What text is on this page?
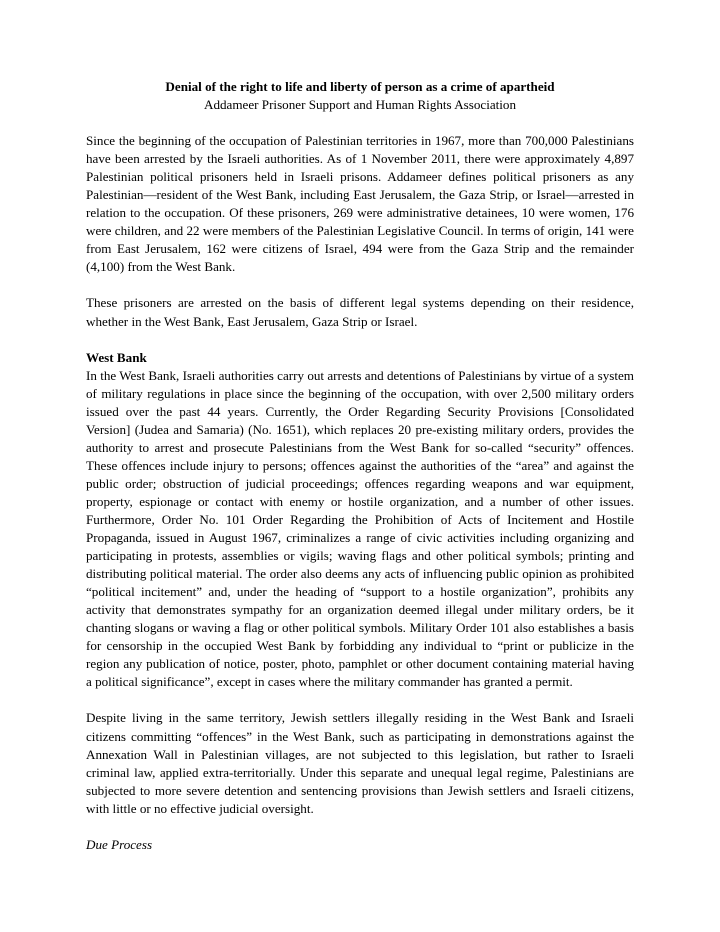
Denial of the right to life and liberty of person as a crime of apartheid

Addameer Prisoner Support and Human Rights Association

Since the beginning of the occupation of Palestinian territories in 1967, more than 700,000 Palestinians have been arrested by the Israeli authorities. As of 1 November 2011, there were approximately 4,897 Palestinian political prisoners held in Israeli prisons. Addameer defines political prisoners as any Palestinian—resident of the West Bank, including East Jerusalem, the Gaza Strip, or Israel—arrested in relation to the occupation. Of these prisoners, 269 were administrative detainees, 10 were women, 176 were children, and 22 were members of the Palestinian Legislative Council. In terms of origin, 141 were from East Jerusalem, 162 were citizens of Israel, 494 were from the Gaza Strip and the remainder (4,100) from the West Bank.

These prisoners are arrested on the basis of different legal systems depending on their residence, whether in the West Bank, East Jerusalem, Gaza Strip or Israel.

West Bank

In the West Bank, Israeli authorities carry out arrests and detentions of Palestinians by virtue of a system of military regulations in place since the beginning of the occupation, with over 2,500 military orders issued over the past 44 years. Currently, the Order Regarding Security Provisions [Consolidated Version] (Judea and Samaria) (No. 1651), which replaces 20 pre-existing military orders, provides the authority to arrest and prosecute Palestinians from the West Bank for so-called “security” offences. These offences include injury to persons; offences against the authorities of the “area” and against the public order; obstruction of judicial proceedings; offences regarding weapons and war equipment, property, espionage or contact with enemy or hostile organization, and a number of other issues. Furthermore, Order No. 101 Order Regarding the Prohibition of Acts of Incitement and Hostile Propaganda, issued in August 1967, criminalizes a range of civic activities including organizing and participating in protests, assemblies or vigils; waving flags and other political symbols; printing and distributing political material. The order also deems any acts of influencing public opinion as prohibited “political incitement” and, under the heading of “support to a hostile organization”, prohibits any activity that demonstrates sympathy for an organization deemed illegal under military orders, be it chanting slogans or waving a flag or other political symbols. Military Order 101 also establishes a basis for censorship in the occupied West Bank by forbidding any individual to “print or publicize in the region any publication of notice, poster, photo, pamphlet or other document containing material having a political significance”, except in cases where the military commander has granted a permit.

Despite living in the same territory, Jewish settlers illegally residing in the West Bank and Israeli citizens committing “offences” in the West Bank, such as participating in demonstrations against the Annexation Wall in Palestinian villages, are not subjected to this legislation, but rather to Israeli criminal law, applied extra-territorially. Under this separate and unequal legal regime, Palestinians are subjected to more severe detention and sentencing provisions than Jewish settlers and Israeli citizens, with little or no effective judicial oversight.

Due Process
